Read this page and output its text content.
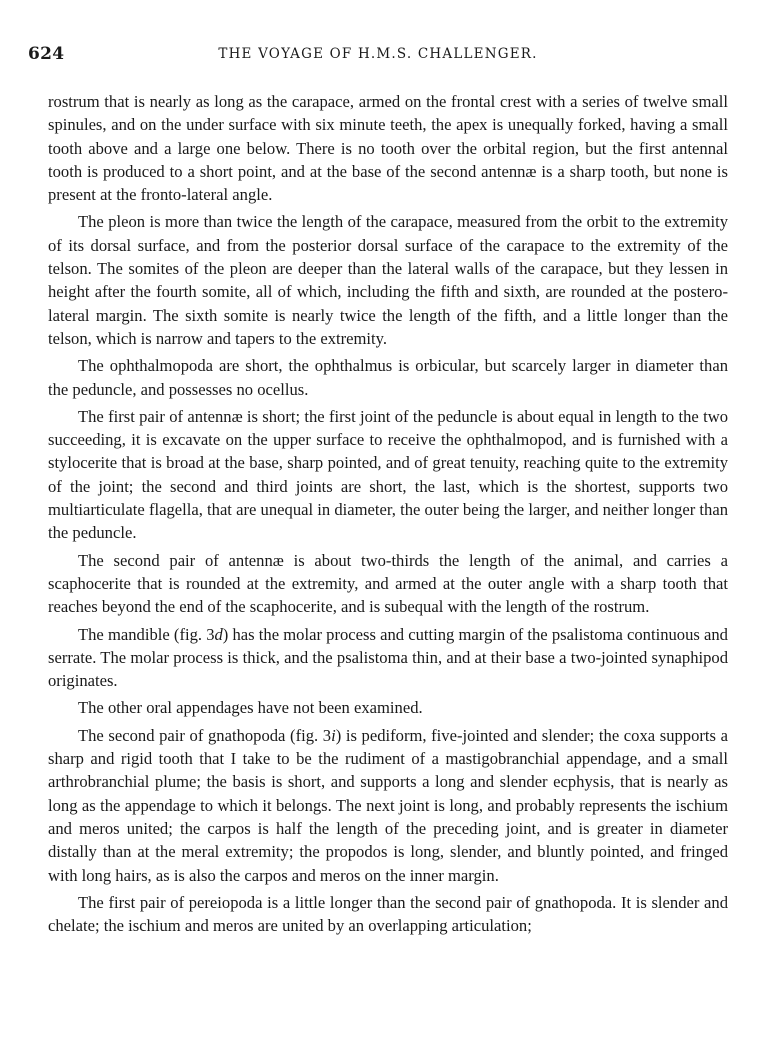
624	THE VOYAGE OF H.M.S. CHALLENGER.

rostrum that is nearly as long as the carapace, armed on the frontal crest with a series of twelve small spinules, and on the under surface with six minute teeth, the apex is unequally forked, having a small tooth above and a large one below. There is no tooth over the orbital region, but the first antennal tooth is produced to a short point, and at the base of the second antennæ is a sharp tooth, but none is present at the fronto-lateral angle.

The pleon is more than twice the length of the carapace, measured from the orbit to the extremity of its dorsal surface, and from the posterior dorsal surface of the carapace to the extremity of the telson. The somites of the pleon are deeper than the lateral walls of the carapace, but they lessen in height after the fourth somite, all of which, including the fifth and sixth, are rounded at the postero-lateral margin. The sixth somite is nearly twice the length of the fifth, and a little longer than the telson, which is narrow and tapers to the extremity.

The ophthalmopoda are short, the ophthalmus is orbicular, but scarcely larger in diameter than the peduncle, and possesses no ocellus.

The first pair of antennæ is short; the first joint of the peduncle is about equal in length to the two succeeding, it is excavate on the upper surface to receive the ophthalmopod, and is furnished with a stylocerite that is broad at the base, sharp pointed, and of great tenuity, reaching quite to the extremity of the joint; the second and third joints are short, the last, which is the shortest, supports two multiarticulate flagella, that are unequal in diameter, the outer being the larger, and neither longer than the peduncle.

The second pair of antennæ is about two-thirds the length of the animal, and carries a scaphocerite that is rounded at the extremity, and armed at the outer angle with a sharp tooth that reaches beyond the end of the scaphocerite, and is subequal with the length of the rostrum.

The mandible (fig. 3d) has the molar process and cutting margin of the psalistoma continuous and serrate. The molar process is thick, and the psalistoma thin, and at their base a two-jointed synaphipod originates.

The other oral appendages have not been examined.

The second pair of gnathopoda (fig. 3i) is pediform, five-jointed and slender; the coxa supports a sharp and rigid tooth that I take to be the rudiment of a mastigobranchial appendage, and a small arthrobranchial plume; the basis is short, and supports a long and slender ecphysis, that is nearly as long as the appendage to which it belongs. The next joint is long, and probably represents the ischium and meros united; the carpos is half the length of the preceding joint, and is greater in diameter distally than at the meral extremity; the propodos is long, slender, and bluntly pointed, and fringed with long hairs, as is also the carpos and meros on the inner margin.

The first pair of pereiopoda is a little longer than the second pair of gnathopoda. It is slender and chelate; the ischium and meros are united by an overlapping articulation;
